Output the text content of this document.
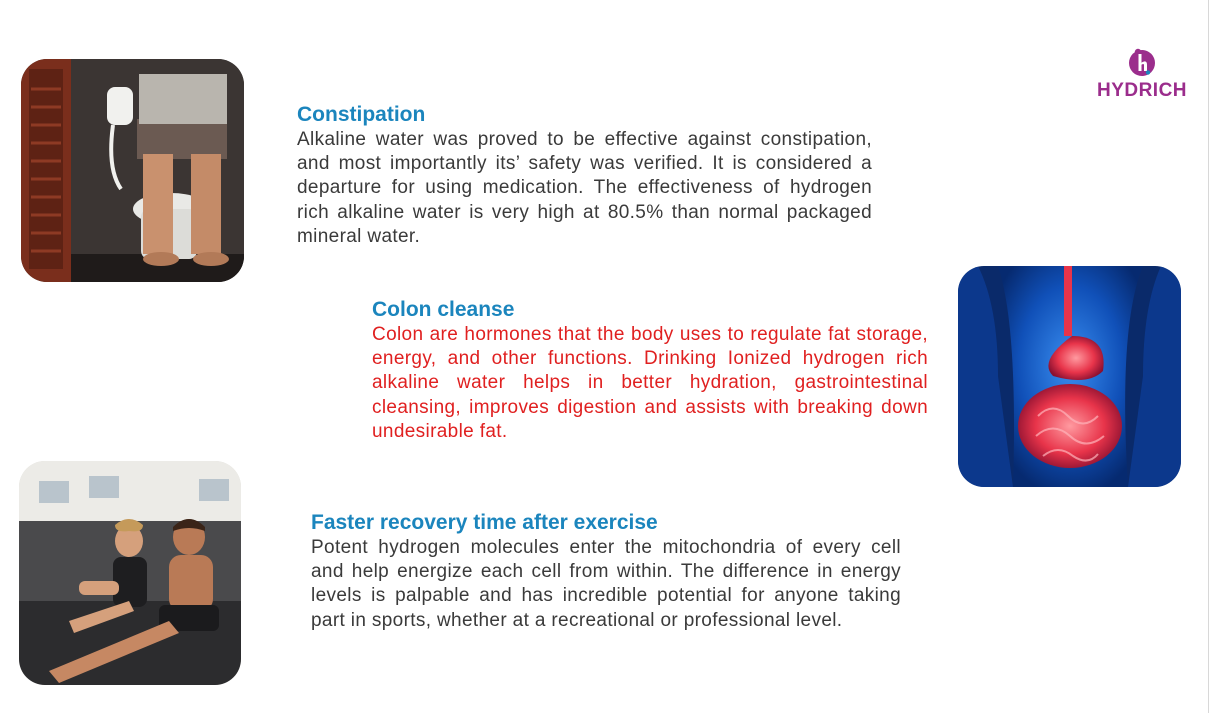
HYDRICH
Constipation

Alkaline water was proved to be effective against constipation, and most importantly its’ safety was verified. It is considered a departure for using medication. The effectiveness of hydrogen rich alkaline water is very high at 80.5% than normal packaged mineral water.

Colon cleanse

Colon are hormones that the body uses to regulate fat storage, energy, and other functions. Drinking Ionized hydrogen rich alkaline water helps in better hydration, gastrointestinal cleansing, improves digestion and assists with breaking down undesirable fat.

Faster recovery time after exercise

Potent hydrogen molecules enter the mitochondria of every cell and help energize each cell from within. The difference in energy levels is palpable and has incredible potential for anyone taking part in sports, whether at a recreational or professional level.
